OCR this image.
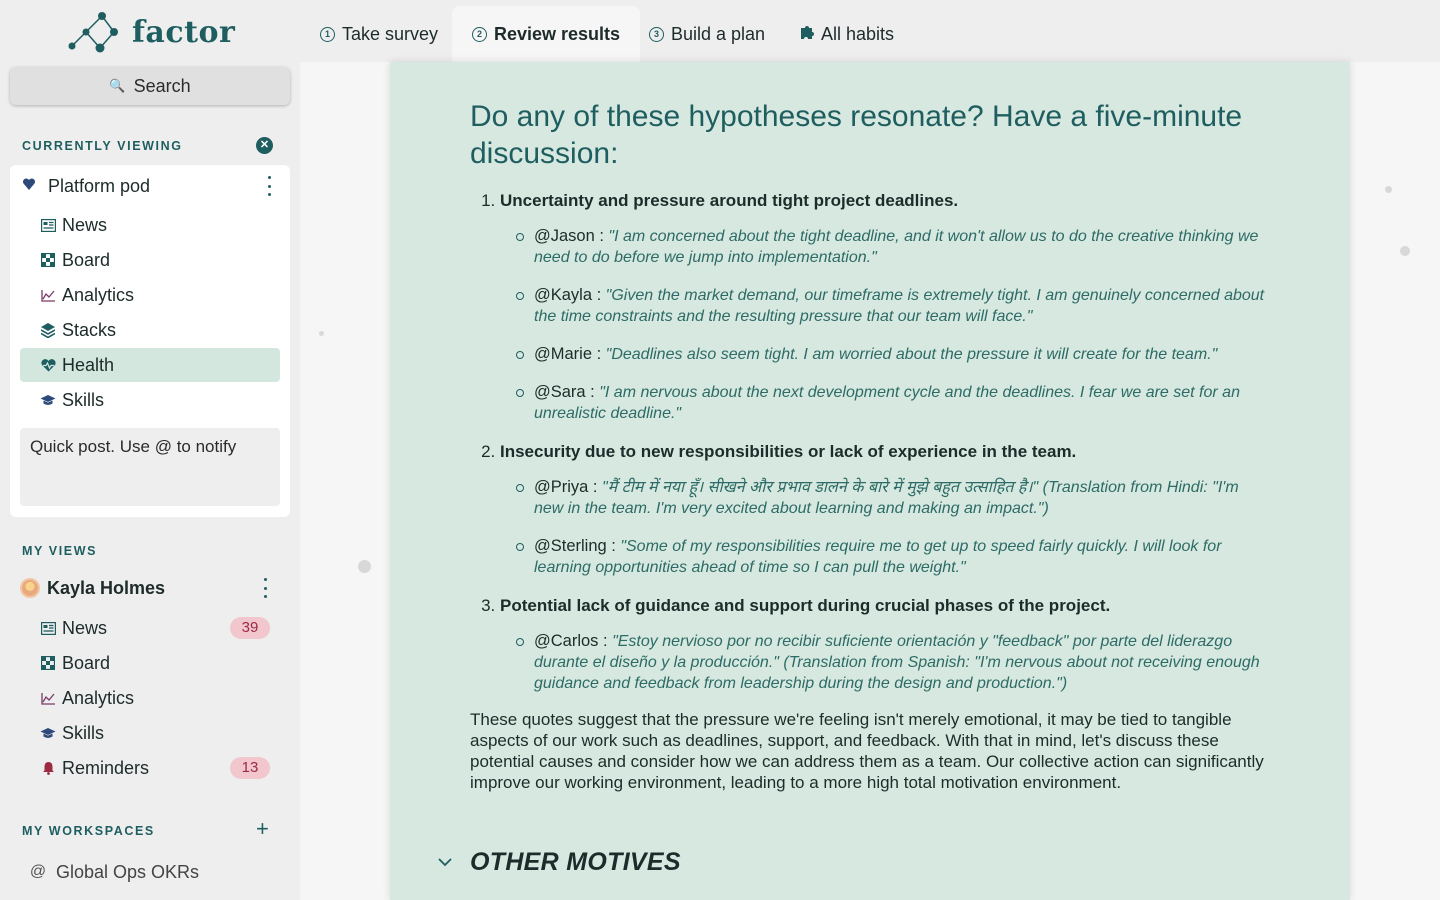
factor
🔍 Search
CURRENTLY VIEWING	✕
Platform pod
News
Board
Analytics
Stacks
Health
Skills
Quick post. Use @ to notify
MY VIEWS
Kayla Holmes
News	39
Board
Analytics
Skills
Reminders	13
MY WORKSPACES	+
@ Global Ops OKRs
1 Take survey	2 Review results	3 Build a plan	All habits
Do any of these hypotheses resonate? Have a five-minute discussion:
1. Uncertainty and pressure around tight project deadlines.
@Jason : "I am concerned about the tight deadline, and it won't allow us to do the creative thinking we need to do before we jump into implementation."
@Kayla : "Given the market demand, our timeframe is extremely tight. I am genuinely concerned about the time constraints and the resulting pressure that our team will face."
@Marie : "Deadlines also seem tight. I am worried about the pressure it will create for the team."
@Sara : "I am nervous about the next development cycle and the deadlines. I fear we are set for an unrealistic deadline."
2. Insecurity due to new responsibilities or lack of experience in the team.
@Priya : "मैं टीम में नया हूँ। सीखने और प्रभाव डालने के बारे में मुझे बहुत उत्साहित है।" (Translation from Hindi: "I'm new in the team. I'm very excited about learning and making an impact.")
@Sterling : "Some of my responsibilities require me to get up to speed fairly quickly. I will look for learning opportunities ahead of time so I can pull the weight."
3. Potential lack of guidance and support during crucial phases of the project.
@Carlos : "Estoy nervioso por no recibir suficiente orientación y "feedback" por parte del liderazgo durante el diseño y la producción." (Translation from Spanish: "I'm nervous about not receiving enough guidance and feedback from leadership during the design and production.")

These quotes suggest that the pressure we're feeling isn't merely emotional, it may be tied to tangible aspects of our work such as deadlines, support, and feedback. With that in mind, let's discuss these potential causes and consider how we can address them as a team. Our collective action can significantly improve our working environment, leading to a more high total motivation environment.

OTHER MOTIVES
